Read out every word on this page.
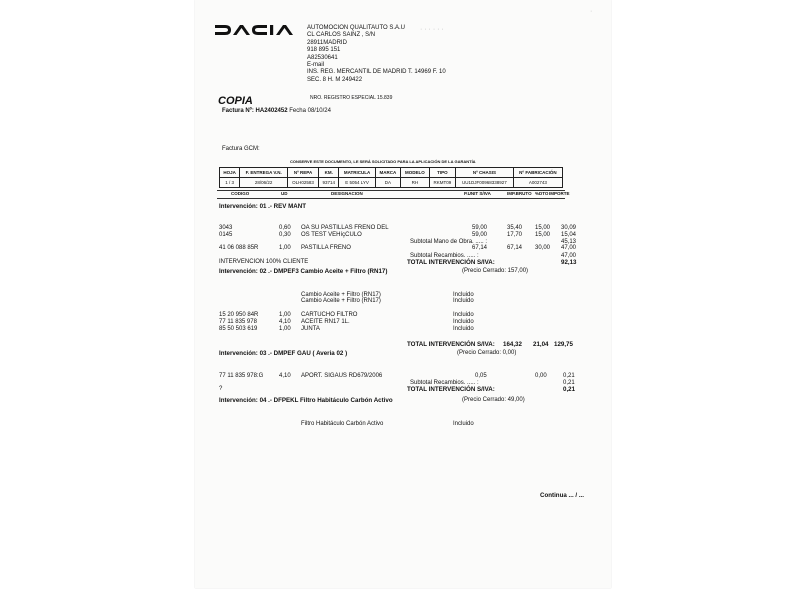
· · · · · ·
·
AUTOMOCION QUALITAUTO S.A.U
CL CARLOS SAINZ , S/N
28911MADRID
918 895 151
A82530641
E-mail
INS. REG. MERCANTIL DE MADRID T. 14969 F. 10
SEC. 8 H. M 249422
NRO. REGISTRO ESPECIAL 15.839
COPIA
Factura Nº: HA2402452 Fecha 08/10/24
Factura GCM:
CONSERVE ESTE DOCUMENTO, LE SERÁ SOLICITADO PARA LA APLICACIÓN DE LA GARANTÍA
HOJA	F. ENTREGA V.N.	Nº REPA	KM.	MATRICULA	MARCA	MODELO	TIPO	Nº CHASIS	Nº FABRICACIÓN
1 / 3	28/06/22	OLH02583	93714	E 5054 LYV	DA	RH	RKMT09	UU1DJF00968338927	A002743
CODIGO	UD	DESIGNACION	P.UNIT S/IVA	IMP.BRUTO %DTO IMPORTE
Intervención: 01 .- REV MANT
3043	0,60 OA SU PASTILLAS FRENO DEL	59,00	35,40 15,00 30,09
0145	0,30 OS TEST VEHíçCULO	59,00	17,70 15,00 15,04
Subtotal Mano de Obra. ..... :	45,13
41 06 088 85R	1,00 PASTILLA FRENO	67,14	67,14 30,00 47,00
Subtotal Recambios. ..... :	47,00
INTERVENCION 100% CLIENTE	TOTAL INTERVENCIÓN S/IVA:	92,13
Intervención: 02 .- DMPEF3 Cambio Aceite + Filtro (RN17)	(Precio Cerrado: 157,00)
Cambio Aceite + Filtro (RN17)	Incluido
Cambio Aceite + Filtro (RN17)	Incluido
15 20 950 84R	1,00 CARTUCHO FILTRO	Incluido
77 11 835 978	4,10 ACEITE RN17 1L.	Incluido
85 50 503 619	1,00 JUNTA	Incluido
TOTAL INTERVENCIÓN S/IVA: 164,32 21,04 129,75
Intervención: 03 .- DMPEF GAU ( Averia 02 )	(Precio Cerrado: 0,00)
77 11 835 978:G	4,10 APORT. SIGAUS RD679/2006	0,05	0,00	0,21
Subtotal Recambios. ..... :	0,21
?	TOTAL INTERVENCIÓN S/IVA:	0,21
Intervención: 04 .- DFPEKL Filtro Habitáculo Carbón Activo	(Precio Cerrado: 49,00)
Filtro Habitáculo Carbón Activo	Incluido
Continua ... / ...
